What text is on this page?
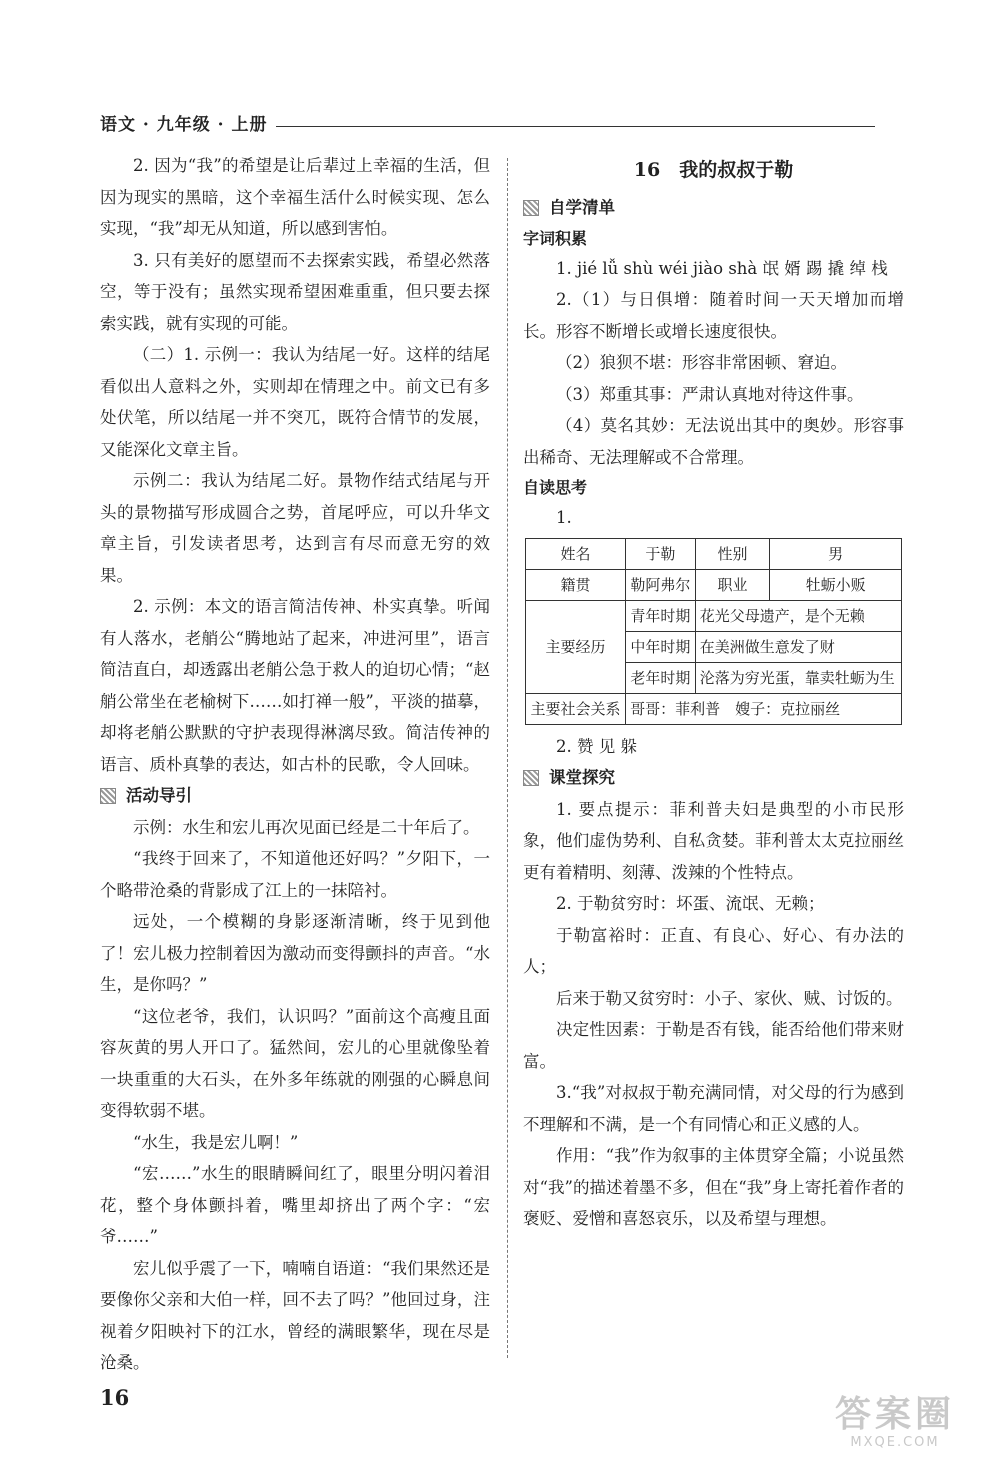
语文 · 九年级 · 上册

2. 因为“我”的希望是让后辈过上幸福的生活，但因为现实的黑暗，这个幸福生活什么时候实现、怎么实现，“我”却无从知道，所以感到害怕。

3. 只有美好的愿望而不去探索实践，希望必然落空，等于没有；虽然实现希望困难重重，但只要去探索实践，就有实现的可能。

（二）1. 示例一：我认为结尾一好。这样的结尾看似出人意料之外，实则却在情理之中。前文已有多处伏笔，所以结尾一并不突兀，既符合情节的发展，又能深化文章主旨。

示例二：我认为结尾二好。景物作结式结尾与开头的景物描写形成圆合之势，首尾呼应，可以升华文章主旨，引发读者思考，达到言有尽而意无穷的效果。

2. 示例：本文的语言简洁传神、朴实真挚。听闻有人落水，老艄公“腾地站了起来，冲进河里”，语言简洁直白，却透露出老艄公急于救人的迫切心情；“赵艄公常坐在老榆树下……如打禅一般”，平淡的描摹，却将老艄公默默的守护表现得淋漓尽致。简洁传神的语言、质朴真挚的表达，如古朴的民歌，令人回味。

活动导引

示例：水生和宏儿再次见面已经是二十年后了。

“我终于回来了，不知道他还好吗？”夕阳下，一个略带沧桑的背影成了江上的一抹陪衬。

远处，一个模糊的身影逐渐清晰，终于见到他了！宏儿极力控制着因为激动而变得颤抖的声音。“水生，是你吗？”

“这位老爷，我们，认识吗？”面前这个高瘦且面容灰黄的男人开口了。猛然间，宏儿的心里就像坠着一块重重的大石头，在外多年练就的刚强的心瞬息间变得软弱不堪。

“水生，我是宏儿啊！”

“宏……”水生的眼睛瞬间红了，眼里分明闪着泪花，整个身体颤抖着，嘴里却挤出了两个字：“宏爷……”

宏儿似乎震了一下，喃喃自语道：“我们果然还是要像你父亲和大伯一样，回不去了吗？”他回过身，注视着夕阳映衬下的江水，曾经的满眼繁华，现在尽是沧桑。

16　我的叔叔于勒
自学清单
字词积累

1. jié lǚ shù wéi jiào shà 氓 婿 踢 撬 绰 栈

2.（1）与日俱增：随着时间一天天增加而增长。形容不断增长或增长速度很快。

（2）狼狈不堪：形容非常困顿、窘迫。

（3）郑重其事：严肃认真地对待这件事。

（4）莫名其妙：无法说出其中的奥妙。形容事出稀奇、无法理解或不合常理。

自读思考

1.

姓名	于勒	性别	男
籍贯	勒阿弗尔	职业	牡蛎小贩
主要经历	青年时期	花光父母遗产，是个无赖	
	中年时期	在美洲做生意发了财	
	老年时期	沦落为穷光蛋，靠卖牡蛎为生	
主要社会关系	哥哥：菲利普　嫂子：克拉丽丝		

2. 赞 见 躲

课堂探究

1. 要点提示：菲利普夫妇是典型的小市民形象，他们虚伪势利、自私贪婪。菲利普太太克拉丽丝更有着精明、刻薄、泼辣的个性特点。

2. 于勒贫穷时：坏蛋、流氓、无赖；

于勒富裕时：正直、有良心、好心、有办法的人；

后来于勒又贫穷时：小子、家伙、贼、讨饭的。

决定性因素：于勒是否有钱，能否给他们带来财富。

3.“我”对叔叔于勒充满同情，对父母的行为感到不理解和不满，是一个有同情心和正义感的人。

作用：“我”作为叙事的主体贯穿全篇；小说虽然对“我”的描述着墨不多，但在“我”身上寄托着作者的褒贬、爱憎和喜怒哀乐，以及希望与理想。

16	答案圈
MXQE.COM
